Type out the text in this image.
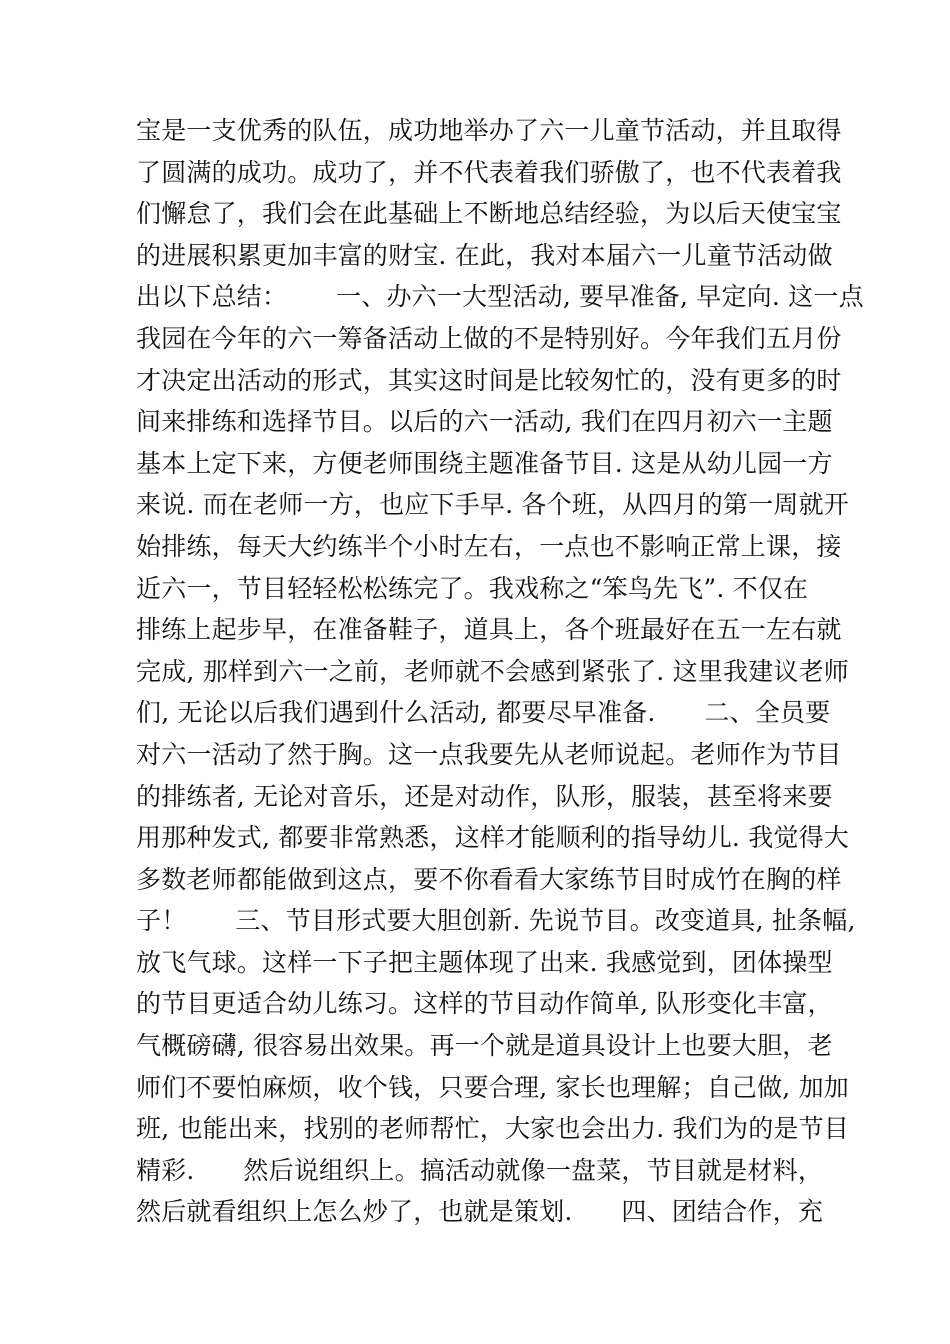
宝是一支优秀的队伍，成功地举办了六一儿童节活动，并且取得
了圆满的成功。成功了，并不代表着我们骄傲了，也不代表着我
们懈怠了，我们会在此基础上不断地总结经验，为以后天使宝宝
的进展积累更加丰富的财宝. 在此，我对本届六一儿童节活动做
出以下总结：      一、办六一大型活动, 要早准备, 早定向. 这一点
我园在今年的六一筹备活动上做的不是特别好。今年我们五月份
才决定出活动的形式，其实这时间是比较匆忙的，没有更多的时
间来排练和选择节目。以后的六一活动, 我们在四月初六一主题
基本上定下来，方便老师围绕主题准备节目. 这是从幼儿园一方
来说. 而在老师一方，也应下手早. 各个班，从四月的第一周就开
始排练，每天大约练半个小时左右，一点也不影响正常上课，接
近六一，节目轻轻松松练完了。我戏称之“笨鸟先飞”. 不仅在
排练上起步早，在准备鞋子，道具上，各个班最好在五一左右就
完成, 那样到六一之前，老师就不会感到紧张了. 这里我建议老师
们, 无论以后我们遇到什么活动, 都要尽早准备.      二、全员要
对六一活动了然于胸。这一点我要先从老师说起。老师作为节目
的排练者, 无论对音乐，还是对动作，队形，服装，甚至将来要
用那种发式, 都要非常熟悉，这样才能顺利的指导幼儿. 我觉得大
多数老师都能做到这点，要不你看看大家练节目时成竹在胸的样
子！      三、节目形式要大胆创新. 先说节目。改变道具, 扯条幅,
放飞气球。这样一下子把主题体现了出来. 我感觉到，团体操型
的节目更适合幼儿练习。这样的节目动作简单, 队形变化丰富，
气概磅礴, 很容易出效果。再一个就是道具设计上也要大胆，老
师们不要怕麻烦，收个钱，只要合理, 家长也理解；自己做, 加加
班, 也能出来，找别的老师帮忙，大家也会出力. 我们为的是节目
精彩.      然后说组织上。搞活动就像一盘菜，节目就是材料，
然后就看组织上怎么炒了，也就是策划.      四、团结合作，充
